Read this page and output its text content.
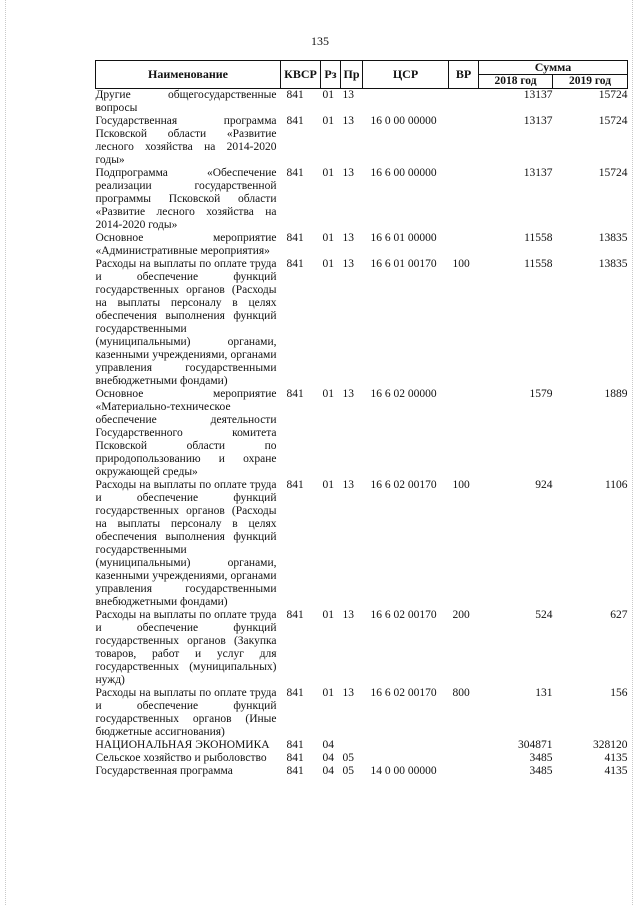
135
Наименование	КВСР	Рз	Пр	ЦСР	ВР	Сумма	
						2018 год	2019 год
Другие общегосударственные вопросы	841	01	13			13137	15724
Государственная программа Псковской области «Развитие лесного хозяйства на 2014-2020 годы»	841	01	13	16 0 00 00000		13137	15724
Подпрограмма «Обеспечение реализации государственной программы Псковской области «Развитие лесного хозяйства на 2014-2020 годы»	841	01	13	16 6 00 00000		13137	15724
Основное мероприятие «Административные мероприятия»	841	01	13	16 6 01 00000		11558	13835
Расходы на выплаты по оплате труда и обеспечение функций государственных органов (Расходы на выплаты персоналу в целях обеспечения выполнения функций государственными (муниципальными) органами, казенными учреждениями, органами управления государственными внебюджетными фондами)	841	01	13	16 6 01 00170	100	11558	13835
Основное мероприятие «Материально-техническое обеспечение деятельности Государственного комитета Псковской области по природопользованию и охране окружающей среды»	841	01	13	16 6 02 00000		1579	1889
Расходы на выплаты по оплате труда и обеспечение функций государственных органов (Расходы на выплаты персоналу в целях обеспечения выполнения функций государственными (муниципальными) органами, казенными учреждениями, органами управления государственными внебюджетными фондами)	841	01	13	16 6 02 00170	100	924	1106
Расходы на выплаты по оплате труда и обеспечение функций государственных органов (Закупка товаров, работ и услуг для государственных (муниципальных) нужд)	841	01	13	16 6 02 00170	200	524	627
Расходы на выплаты по оплате труда и обеспечение функций государственных органов (Иные бюджетные ассигнования)	841	01	13	16 6 02 00170	800	131	156
НАЦИОНАЛЬНАЯ ЭКОНОМИКА	841	04				304871	328120
Сельское хозяйство и рыболовство	841	04	05			3485	4135
Государственная программа	841	04	05	14 0 00 00000		3485	4135
